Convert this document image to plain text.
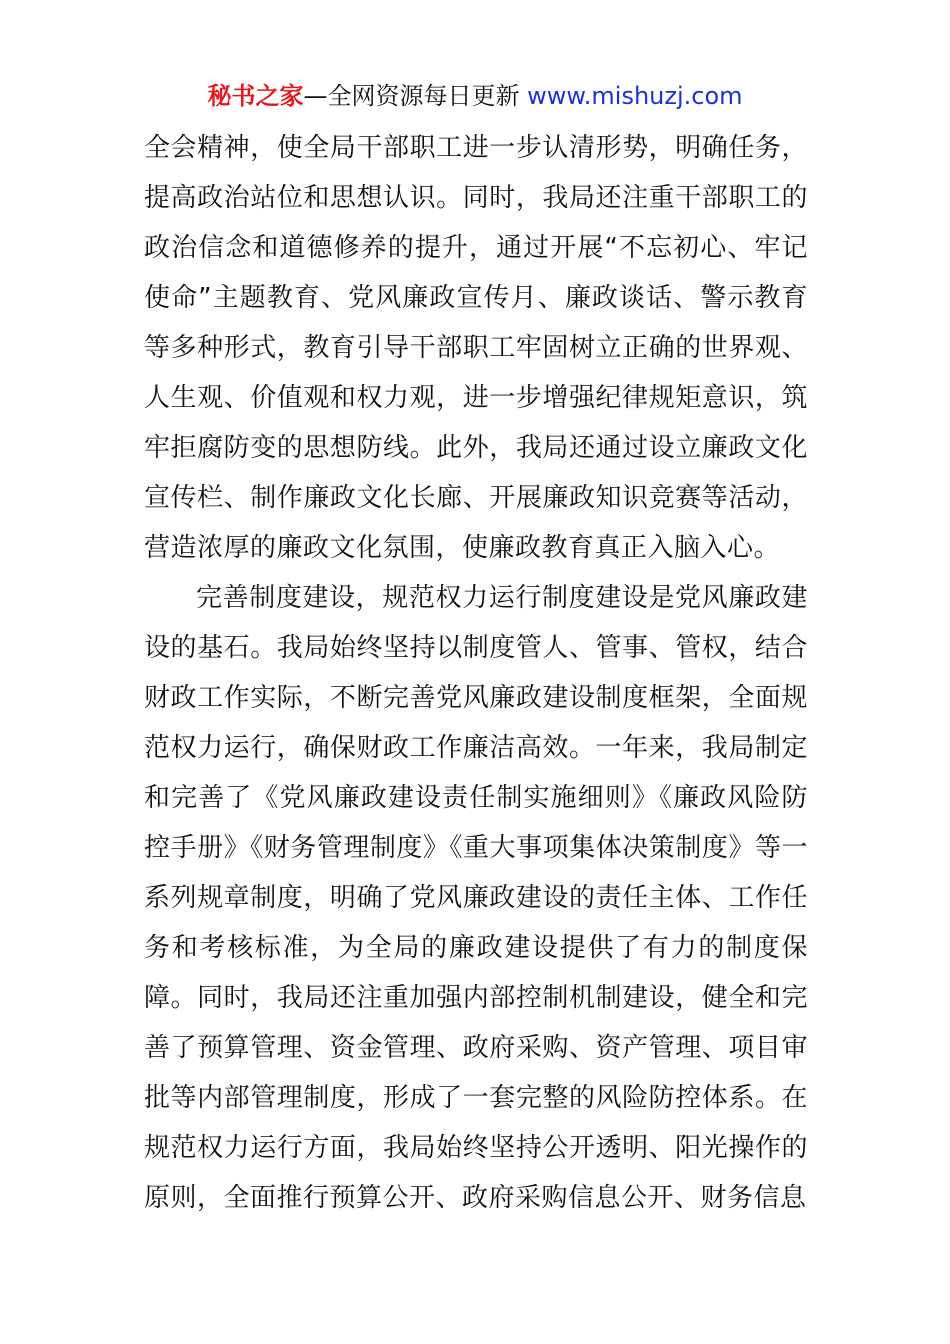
秘书之家—全网资源每日更新 www.mishuzj.com

全会精神，使全局干部职工进一步认清形势，明确任务，提高政治站位和思想认识。同时，我局还注重干部职工的政治信念和道德修养的提升，通过开展“不忘初心、牢记使命”主题教育、党风廉政宣传月、廉政谈话、警示教育等多种形式，教育引导干部职工牢固树立正确的世界观、人生观、价值观和权力观，进一步增强纪律规矩意识，筑牢拒腐防变的思想防线。此外，我局还通过设立廉政文化宣传栏、制作廉政文化长廊、开展廉政知识竞赛等活动，营造浓厚的廉政文化氛围，使廉政教育真正入脑入心。

完善制度建设，规范权力运行制度建设是党风廉政建设的基石。我局始终坚持以制度管人、管事、管权，结合财政工作实际，不断完善党风廉政建设制度框架，全面规范权力运行，确保财政工作廉洁高效。一年来，我局制定和完善了《党风廉政建设责任制实施细则》《廉政风险防控手册》《财务管理制度》《重大事项集体决策制度》等一系列规章制度，明确了党风廉政建设的责任主体、工作任务和考核标准，为全局的廉政建设提供了有力的制度保障。同时，我局还注重加强内部控制机制建设，健全和完善了预算管理、资金管理、政府采购、资产管理、项目审批等内部管理制度，形成了一套完整的风险防控体系。在规范权力运行方面，我局始终坚持公开透明、阳光操作的原则，全面推行预算公开、政府采购信息公开、财务信息
